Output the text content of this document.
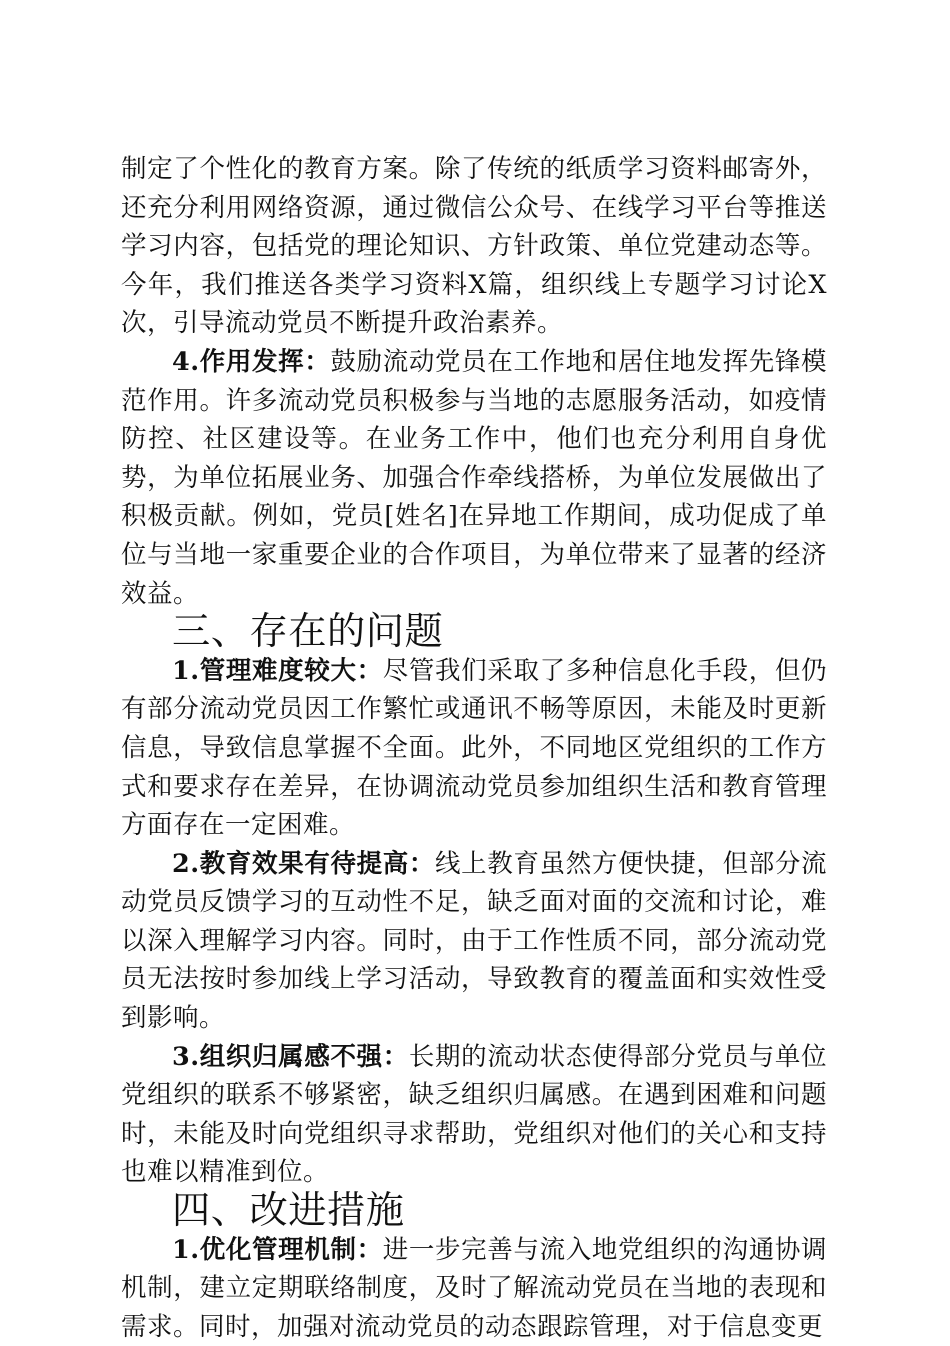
制定了个性化的教育方案。除了传统的纸质学习资料邮寄外，还充分利用网络资源，通过微信公众号、在线学习平台等推送学习内容，包括党的理论知识、方针政策、单位党建动态等。今年，我们推送各类学习资料X篇，组织线上专题学习讨论X次，引导流动党员不断提升政治素养。

4.作用发挥：鼓励流动党员在工作地和居住地发挥先锋模范作用。许多流动党员积极参与当地的志愿服务活动，如疫情防控、社区建设等。在业务工作中，他们也充分利用自身优势，为单位拓展业务、加强合作牵线搭桥，为单位发展做出了积极贡献。例如，党员[姓名]在异地工作期间，成功促成了单位与当地一家重要企业的合作项目，为单位带来了显著的经济效益。

三、存在的问题

1.管理难度较大：尽管我们采取了多种信息化手段，但仍有部分流动党员因工作繁忙或通讯不畅等原因，未能及时更新信息，导致信息掌握不全面。此外，不同地区党组织的工作方式和要求存在差异，在协调流动党员参加组织生活和教育管理方面存在一定困难。

2.教育效果有待提高：线上教育虽然方便快捷，但部分流动党员反馈学习的互动性不足，缺乏面对面的交流和讨论，难以深入理解学习内容。同时，由于工作性质不同，部分流动党员无法按时参加线上学习活动，导致教育的覆盖面和实效性受到影响。

3.组织归属感不强：长期的流动状态使得部分党员与单位党组织的联系不够紧密，缺乏组织归属感。在遇到困难和问题时，未能及时向党组织寻求帮助，党组织对他们的关心和支持也难以精准到位。

四、改进措施

1.优化管理机制：进一步完善与流入地党组织的沟通协调机制，建立定期联络制度，及时了解流动党员在当地的表现和需求。同时，加强对流动党员的动态跟踪管理，对于信息变更
